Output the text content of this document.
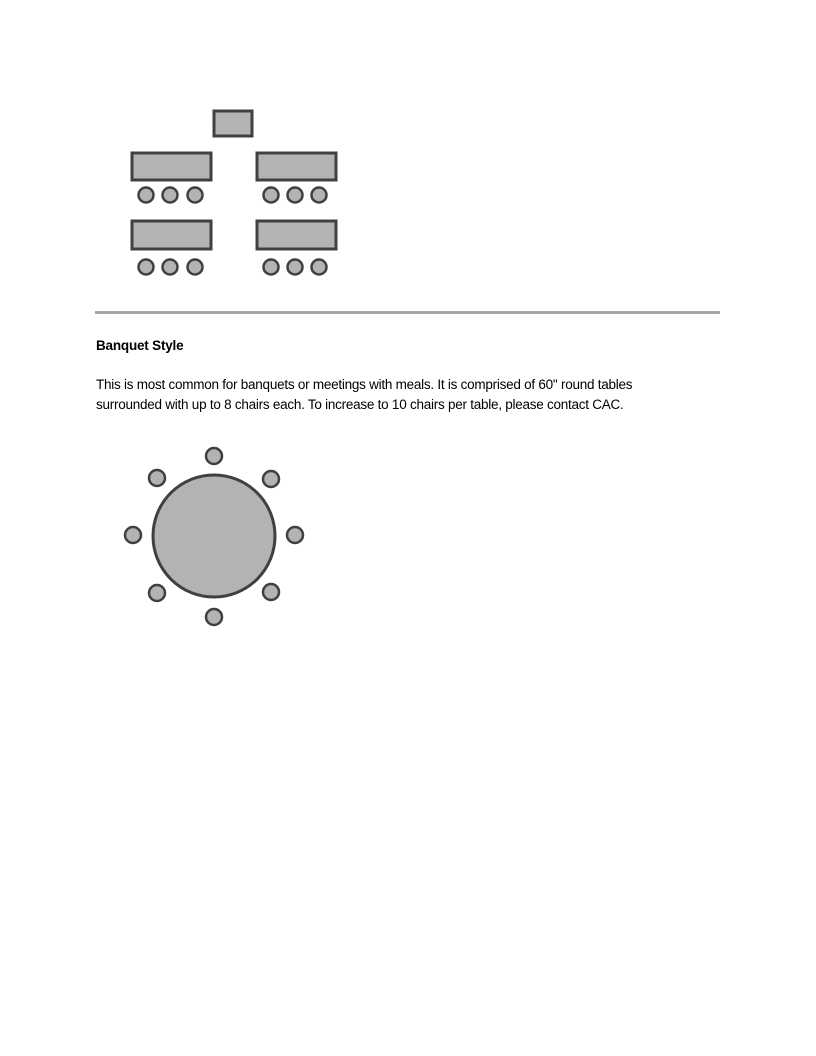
Banquet Style
This is most common for banquets or meetings with meals. It is comprised of 60" round tables
surrounded with up to 8 chairs each. To increase to 10 chairs per table, please contact CAC.
